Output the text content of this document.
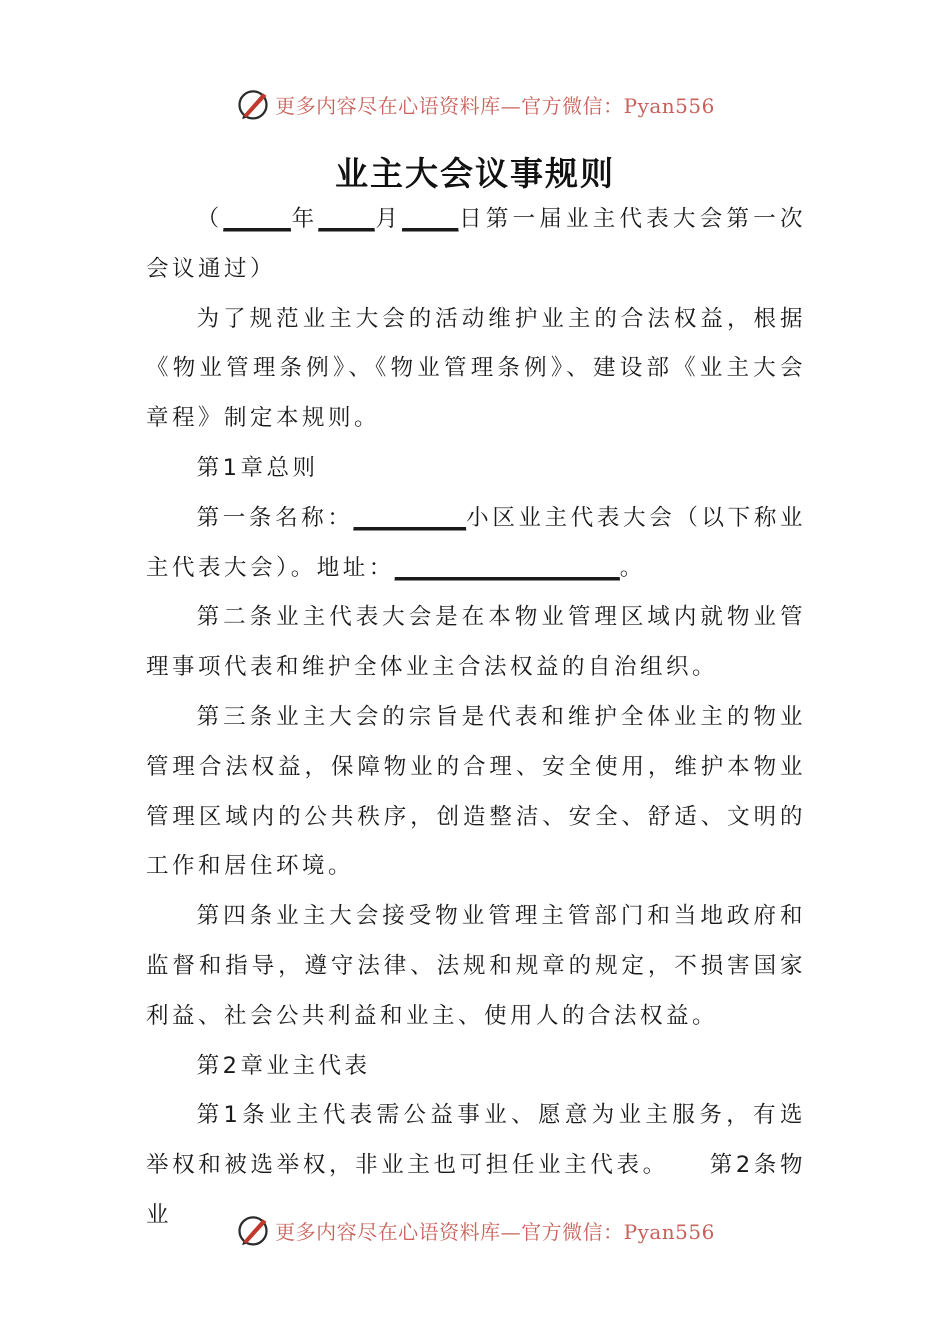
更多内容尽在心语资料库—官方微信：Pyan556
业主大会议事规则

（______年_____月_____日第一届业主代表大会第一次会议通过）

为了规范业主大会的活动维护业主的合法权益，根据《物业管理条例》、《物业管理条例》、建设部《业主大会章程》制定本规则。

第1章总则

第一条名称：__________小区业主代表大会（以下称业主代表大会）。地址：____________________。

第二条业主代表大会是在本物业管理区域内就物业管理事项代表和维护全体业主合法权益的自治组织。

第三条业主大会的宗旨是代表和维护全体业主的物业管理合法权益，保障物业的合理、安全使用，维护本物业管理区域内的公共秩序，创造整洁、安全、舒适、文明的工作和居住环境。

第四条业主大会接受物业管理主管部门和当地政府和监督和指导，遵守法律、法规和规章的规定，不损害国家利益、社会公共利益和业主、使用人的合法权益。

第2章业主代表

第1条业主代表需公益事业、愿意为业主服务，有选举权和被选举权，非业主也可担任业主代表。　　第2条物业

更多内容尽在心语资料库—官方微信：Pyan556
